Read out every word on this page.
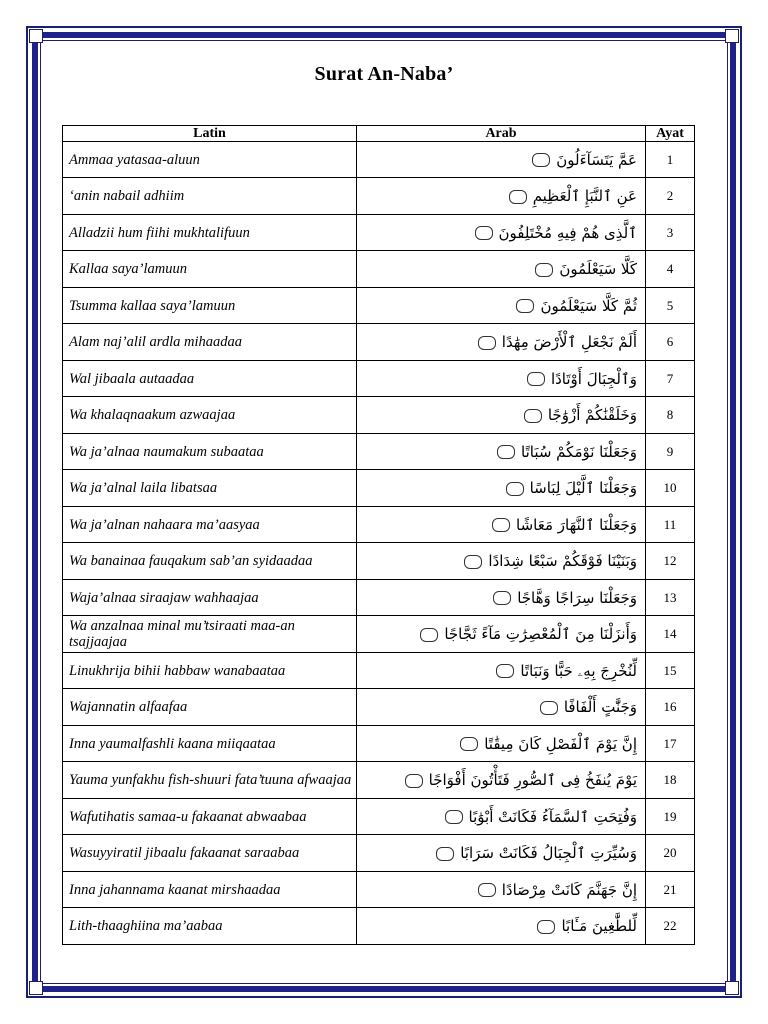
Surat An-Naba’
Latin	Arab	Ayat
Ammaa yatasaa-aluun	عَمَّ يَتَسَآءَلُونَ	1
‘anin nabail adhiim	عَنِ ٱلنَّبَإِ ٱلْعَظِيمِ	2
Alladzii hum fiihi mukhtalifuun	ٱلَّذِى هُمْ فِيهِ مُخْتَلِفُونَ	3
Kallaa saya’lamuun	كَلَّا سَيَعْلَمُونَ	4
Tsumma kallaa saya’lamuun	ثُمَّ كَلَّا سَيَعْلَمُونَ	5
Alam naj’alil ardla mihaadaa	أَلَمْ نَجْعَلِ ٱلْأَرْضَ مِهَٰدًا	6
Wal jibaala autaadaa	وَٱلْجِبَالَ أَوْتَادًا	7
Wa khalaqnaakum azwaajaa	وَخَلَقْنَٰكُمْ أَزْوَٰجًا	8
Wa ja’alnaa naumakum subaataa	وَجَعَلْنَا نَوْمَكُمْ سُبَاتًا	9
Wa ja’alnal laila libatsaa	وَجَعَلْنَا ٱلَّيْلَ لِبَاسًا	10
Wa ja’alnan nahaara ma’aasyaa	وَجَعَلْنَا ٱلنَّهَارَ مَعَاشًا	11
Wa banainaa fauqakum sab’an syidaadaa	وَبَنَيْنَا فَوْقَكُمْ سَبْعًا شِدَادًا	12
Waja’alnaa siraajaw wahhaajaa	وَجَعَلْنَا سِرَاجًا وَهَّاجًا	13
Wa anzalnaa minal mu’tsiraati maa-an tsajjaajaa	وَأَنزَلْنَا مِنَ ٱلْمُعْصِرَٰتِ مَآءً ثَجَّاجًا	14
Linukhrija bihii habbaw wanabaataa	لِّنُخْرِجَ بِهِۦ حَبًّا وَنَبَاتًا	15
Wajannatin alfaafaa	وَجَنَّٰتٍ أَلْفَافًا	16
Inna yaumalfashli kaana miiqaataa	إِنَّ يَوْمَ ٱلْفَصْلِ كَانَ مِيقَٰتًا	17
Yauma yunfakhu fish-shuuri fata’tuuna afwaajaa	يَوْمَ يُنفَخُ فِى ٱلصُّورِ فَتَأْتُونَ أَفْوَاجًا	18
Wafutihatis samaa-u fakaanat abwaabaa	وَفُتِحَتِ ٱلسَّمَآءُ فَكَانَتْ أَبْوَٰبًا	19
Wasuyyiratil jibaalu fakaanat saraabaa	وَسُيِّرَتِ ٱلْجِبَالُ فَكَانَتْ سَرَابًا	20
Inna jahannama kaanat mirshaadaa	إِنَّ جَهَنَّمَ كَانَتْ مِرْصَادًا	21
Lith-thaaghiina ma’aabaa	لِّلطَّٰغِينَ مَـَٔابًا	22
